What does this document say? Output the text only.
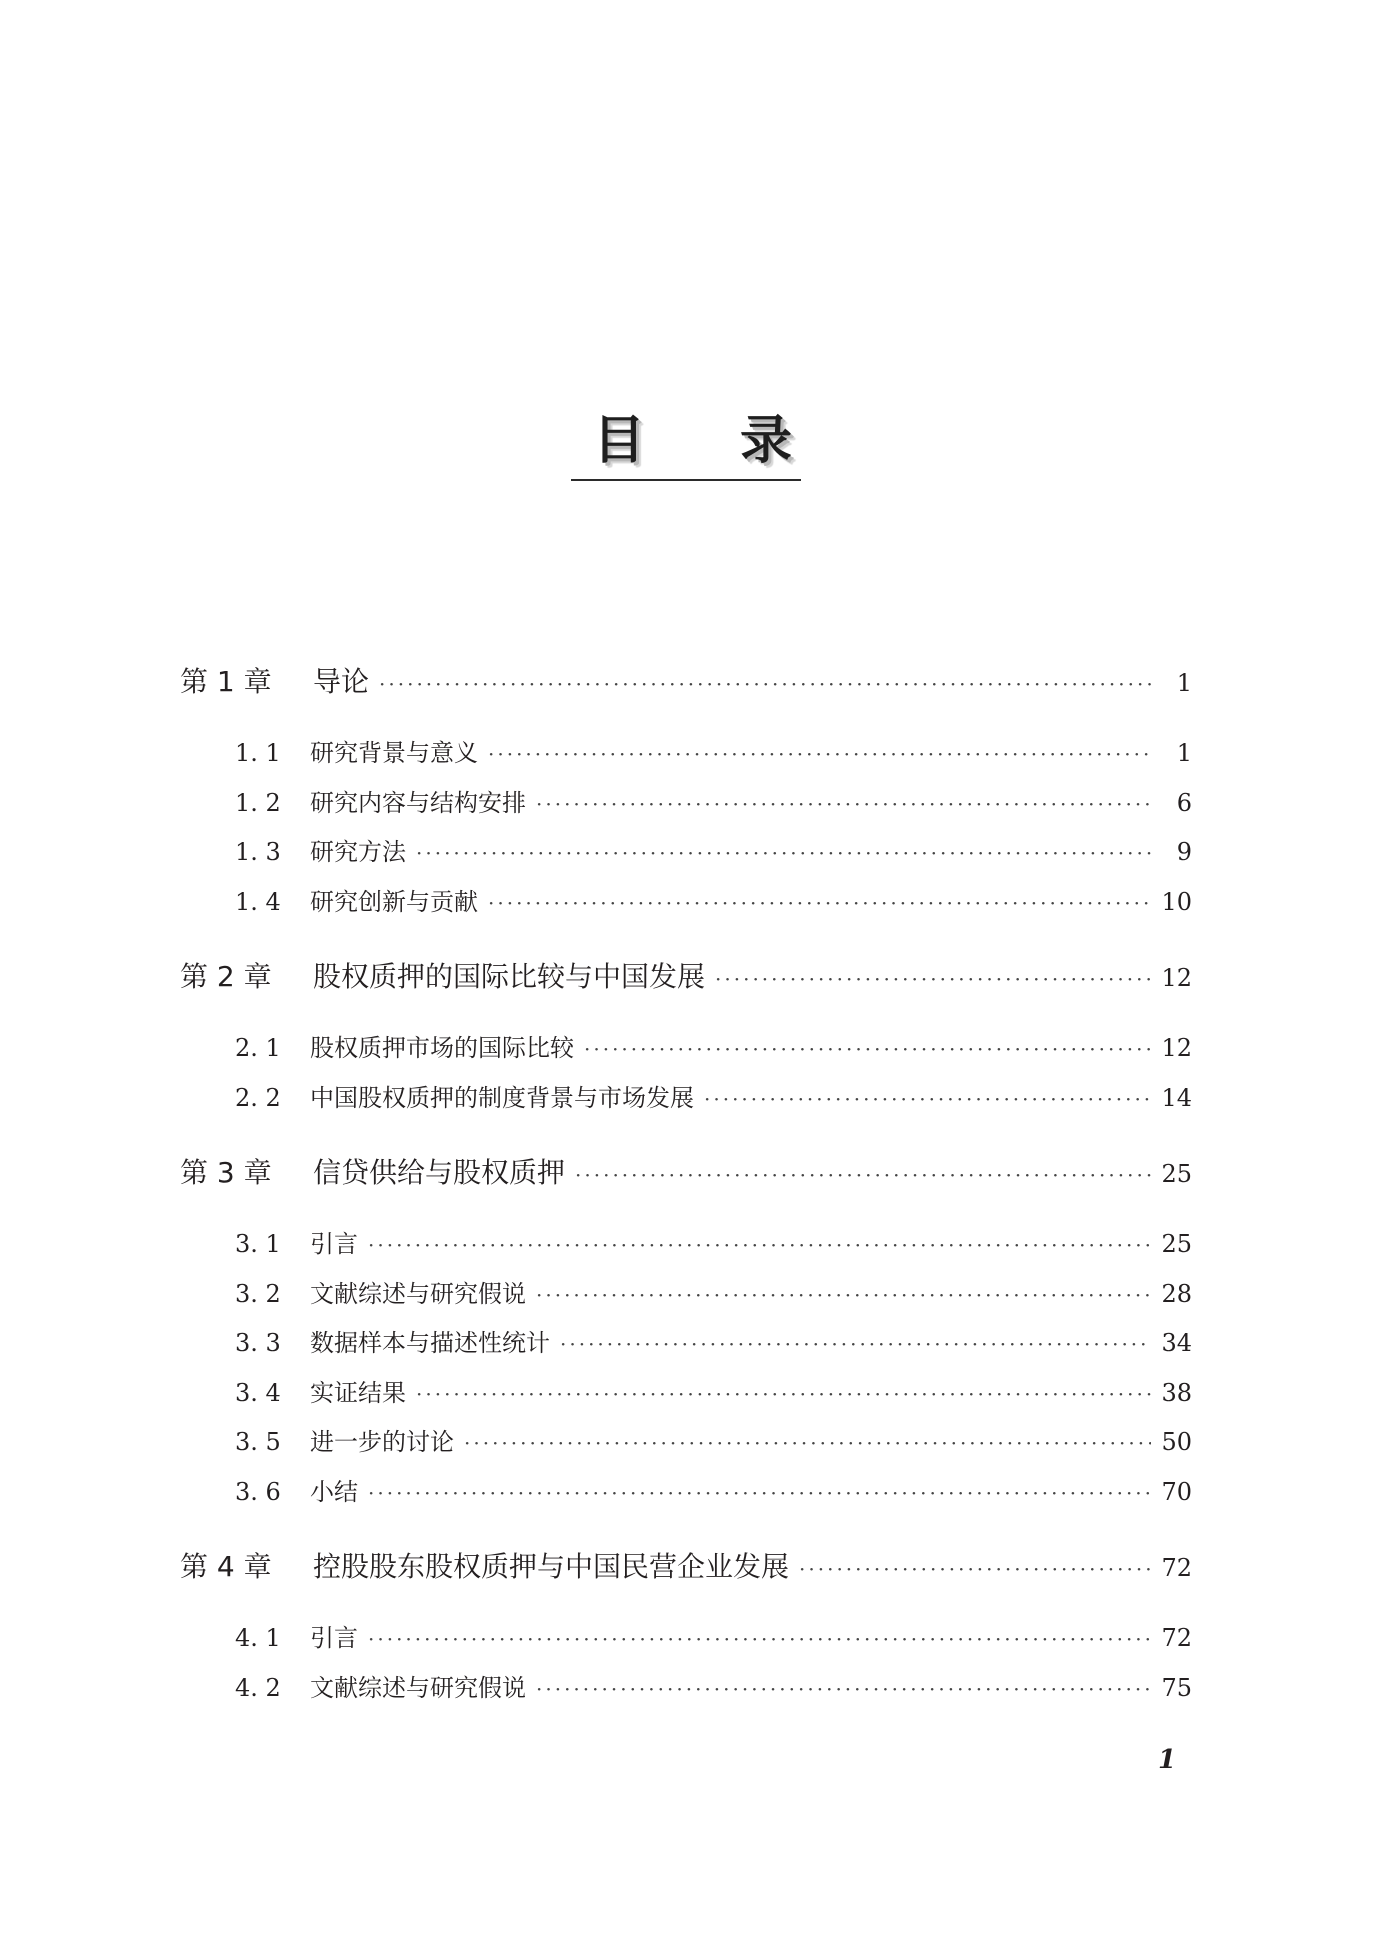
目录
第 1 章	导论 ·····	1
1. 1	研究背景与意义 ·····	1
1. 2	研究内容与结构安排 ·····	6
1. 3	研究方法 ·····	9
1. 4	研究创新与贡献 ·····	10
第 2 章	股权质押的国际比较与中国发展 ·····	12
2. 1	股权质押市场的国际比较 ·····	12
2. 2	中国股权质押的制度背景与市场发展 ·····	14
第 3 章	信贷供给与股权质押 ·····	25
3. 1	引言 ·····	25
3. 2	文献综述与研究假说 ·····	28
3. 3	数据样本与描述性统计 ·····	34
3. 4	实证结果 ·····	38
3. 5	进一步的讨论 ·····	50
3. 6	小结 ·····	70
第 4 章	控股股东股权质押与中国民营企业发展 ·····	72
4. 1	引言 ·····	72
4. 2	文献综述与研究假说 ·····	75
1
